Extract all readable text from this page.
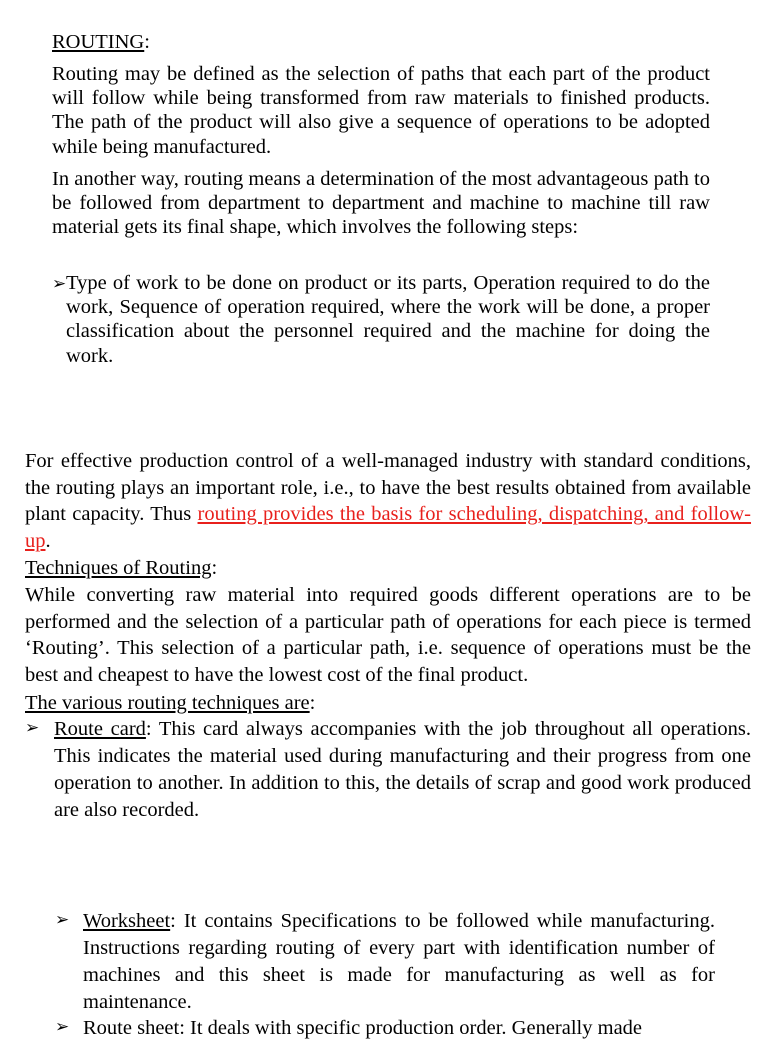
ROUTING:

Routing may be defined as the selection of paths that each part of the product will follow while being transformed from raw materials to finished products. The path of the product will also give a sequence of operations to be adopted while being manufactured.

In another way, routing means a determination of the most advantageous path to be followed from department to department and machine to machine till raw material gets its final shape, which involves the following steps:

➢ Type of work to be done on product or its parts, Operation required to do the work, Sequence of operation required, where the work will be done, a proper classification about the personnel required and the machine for doing the work.

For effective production control of a well-managed industry with standard conditions, the routing plays an important role, i.e., to have the best results obtained from available plant capacity. Thus routing provides the basis for scheduling, dispatching, and follow-up.

Techniques of Routing:

While converting raw material into required goods different operations are to be performed and the selection of a particular path of operations for each piece is termed ‘Routing’. This selection of a particular path, i.e. sequence of operations must be the best and cheapest to have the lowest cost of the final product.

The various routing techniques are:

➢ Route card: This card always accompanies with the job throughout all operations. This indicates the material used during manufacturing and their progress from one operation to another. In addition to this, the details of scrap and good work produced are also recorded.
➢ Worksheet: It contains Specifications to be followed while manufacturing. Instructions regarding routing of every part with identification number of machines and this sheet is made for manufacturing as well as for maintenance.
➢ Route sheet: It deals with specific production order. Generally made
